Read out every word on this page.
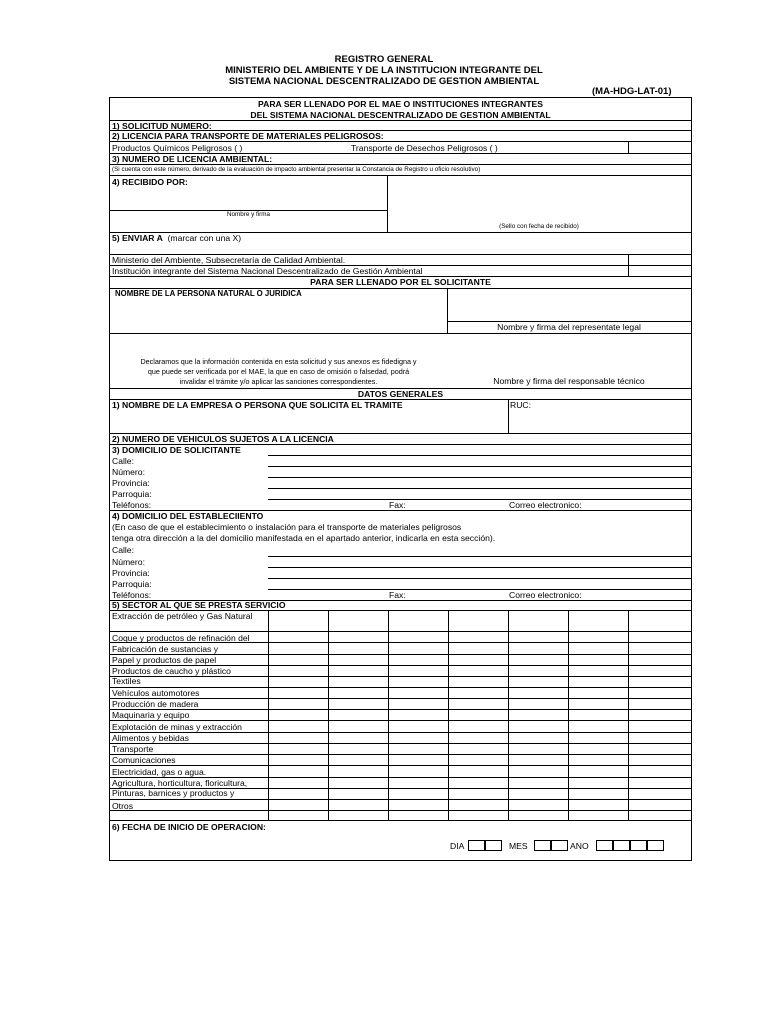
REGISTRO GENERAL
MINISTERIO DEL AMBIENTE Y DE LA INSTITUCION INTEGRANTE DEL
SISTEMA NACIONAL DESCENTRALIZADO DE GESTION AMBIENTAL
(MA-HDG-LAT-01)
PARA SER LLENADO POR EL MAE O INSTITUCIONES INTEGRANTES
DEL SISTEMA NACIONAL DESCENTRALIZADO DE GESTION AMBIENTAL
1) SOLICITUD NUMERO:
2) LICENCIA PARA TRANSPORTE DE MATERIALES PELIGROSOS:
Productos Químicos Peligrosos ( )	Transporte de Desechos Peligrosos ( )
3) NUMERO DE LICENCIA AMBIENTAL:
(Si cuenta con este número, derivado de la evaluación de impacto ambiental presentar la Constancia de Registro u oficio resolutivo)
4) RECIBIDO POR:
Nombre y firma
(Sello con fecha de recibido)
5) ENVIAR A (marcar con una X)
Ministerio del Ambiente, Subsecretaría de Calidad Ambiental.
Institución integrante del Sistema Nacional Descentralizado de Gestión Ambiental
PARA SER LLENADO POR EL SOLICITANTE
NOMBRE DE LA PERSONA NATURAL O JURIDICA
Nombre y firma del representate legal
Declaramos que la información contenida en esta solicitud y sus anexos es fidedigna y
que puede ser verificada por el MAE, la que en caso de omisión o falsedad, podrá
invalidar el trámite y/o aplicar las sanciones correspondientes.	Nombre y firma del responsable técnico
DATOS GENERALES
1) NOMBRE DE LA EMPRESA O PERSONA QUE SOLICITA EL TRAMITE	RUC:
2) NUMERO DE VEHICULOS SUJETOS A LA LICENCIA
3) DOMICILIO DE SOLICITANTE
Calle:
Número:
Provincia:
Parroquia:
Teléfonos:	Fax:	Correo electronico:
4) DOMICILIO DEL ESTABLECIIENTO
(En caso de que el establecimiento o instalación para el transporte de materiales peligrosos
tenga otra dirección a la del domicilio manifestada en el apartado anterior, indicarla en esta sección).
Calle:
Número:
Provincia:
Parroquia:
Teléfonos:	Fax:	Correo electronico:
5) SECTOR AL QUE SE PRESTA SERVICIO
Extracción de petróleo y Gas Natural
Coque y productos de refinación del
Fabricación de sustancias y
Papel y productos de papel
Productos de caucho y plástico
Textiles
Vehículos automotores
Producción de madera
Maquinaria y equipo
Explotación de minas y extracción
Alimentos y bebidas
Transporte
Comunicaciones
Electricidad, gas o agua.
Agricultura, horticultura, floricultura,
Pinturas, barnices y productos y
Otros
6) FECHA DE INICIO DE OPERACION:
DIA	MES	ANO
